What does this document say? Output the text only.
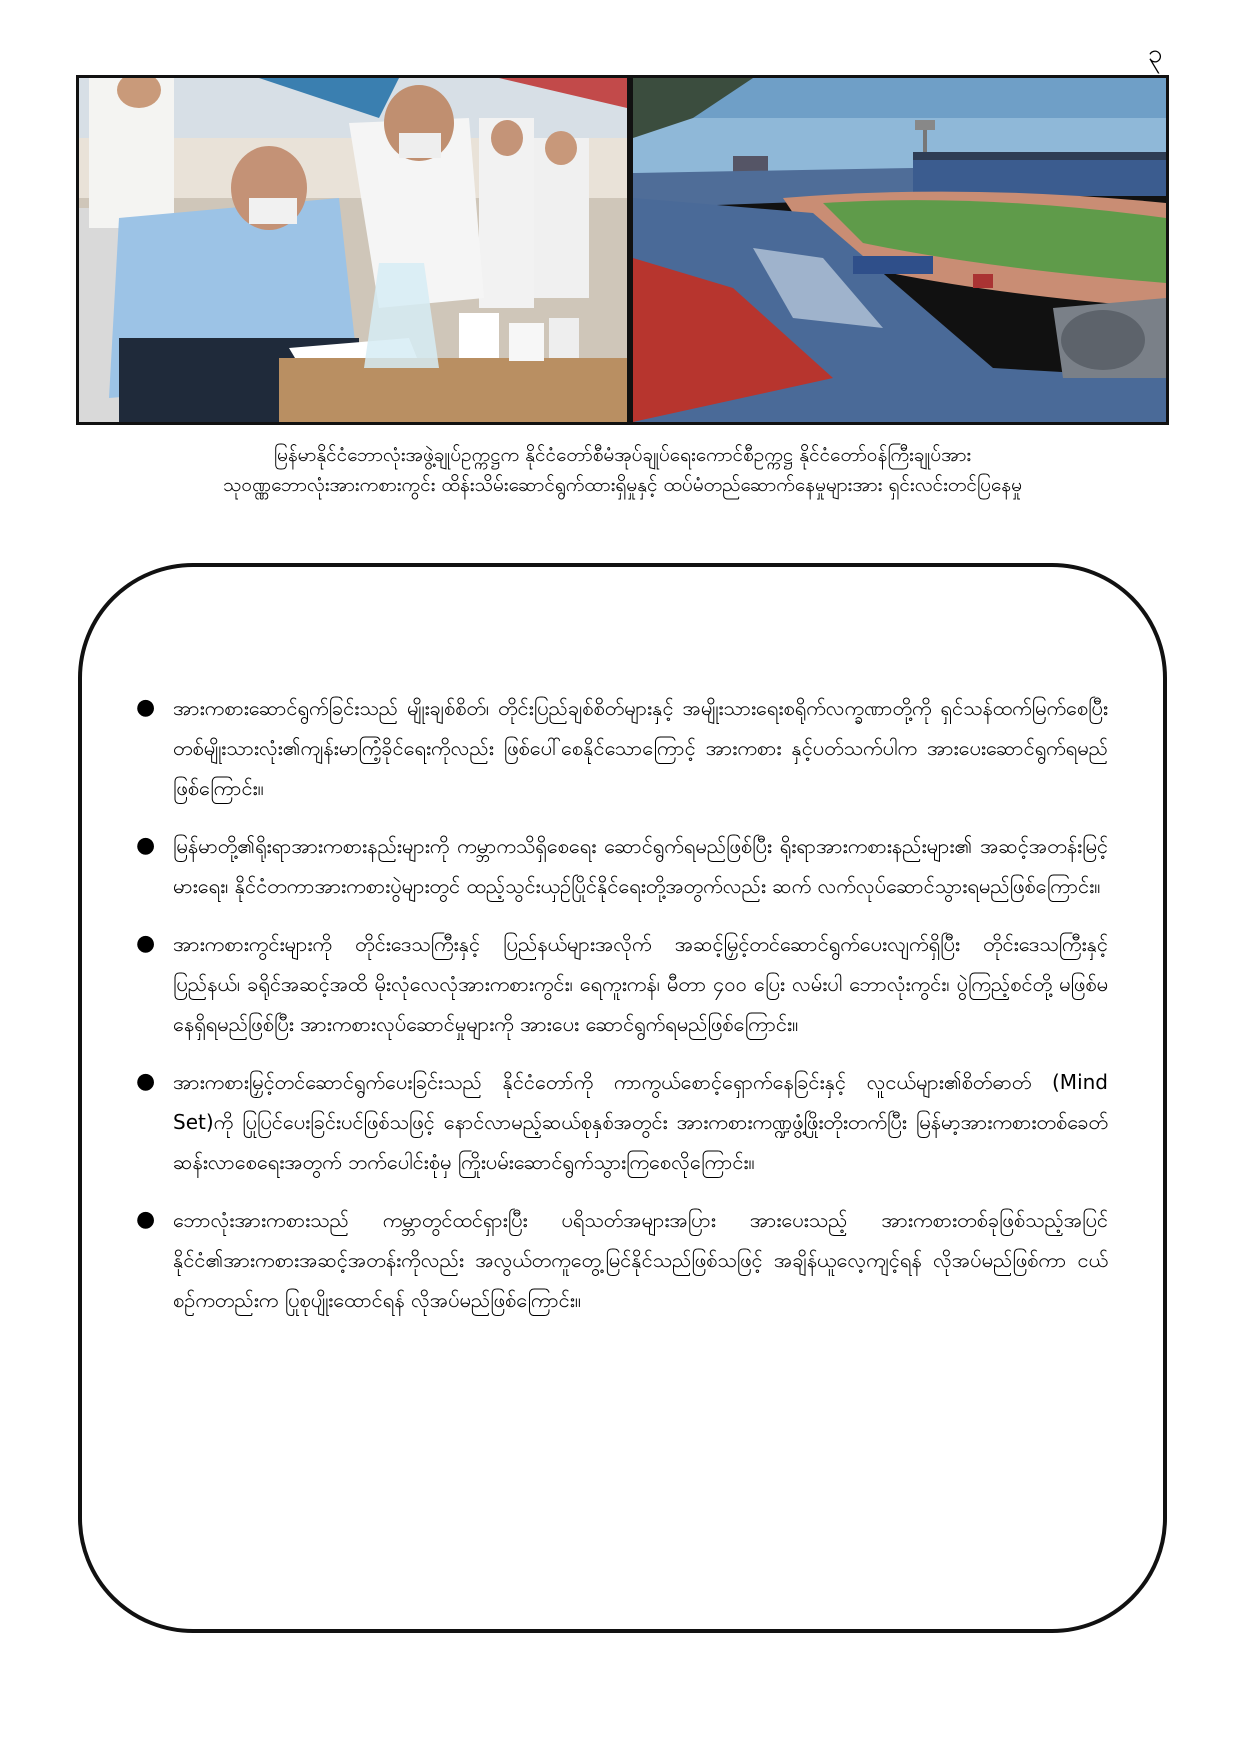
၃
မြန်မာနိုင်ငံဘောလုံးအဖွဲ့ချုပ်ဥက္ကဋ္ဌက နိုင်ငံတော်စီမံအုပ်ချုပ်ရေးကောင်စီဥက္ကဋ္ဌ နိုင်ငံတော်ဝန်ကြီးချုပ်အား
သုဝဏ္ဏဘောလုံးအားကစားကွင်း ထိန်းသိမ်းဆောင်ရွက်ထားရှိမှုနှင့် ထပ်မံတည်ဆောက်နေမှုများအား ရှင်းလင်းတင်ပြနေမှု
● အားကစားဆောင်ရွက်ခြင်းသည် မျိုးချစ်စိတ်၊ တိုင်းပြည်ချစ်စိတ်များနှင့် အမျိုးသားရေးစရိုက်လက္ခဏာတို့ကို ရှင်သန်ထက်မြက်စေပြီး တစ်မျိုးသားလုံး၏ကျန်းမာကြံ့ခိုင်ရေးကိုလည်း ဖြစ်ပေါ်စေနိုင်သောကြောင့် အားကစား နှင့်ပတ်သက်ပါက အားပေးဆောင်ရွက်ရမည်ဖြစ်ကြောင်း။
● မြန်မာတို့၏ရိုးရာအားကစားနည်းများကို ကမ္ဘာကသိရှိစေရေး ဆောင်ရွက်ရမည်ဖြစ်ပြီး ရိုးရာအားကစားနည်းများ၏ အဆင့်အတန်းမြင့်မားရေး၊ နိုင်ငံတကာအားကစားပွဲများတွင် ထည့်သွင်းယှဉ်ပြိုင်နိုင်ရေးတို့အတွက်လည်း ဆက် လက်လုပ်ဆောင်သွားရမည်ဖြစ်ကြောင်း။
● အားကစားကွင်းများကို တိုင်းဒေသကြီးနှင့် ပြည်နယ်များအလိုက် အဆင့်မြှင့်တင်ဆောင်ရွက်ပေးလျက်ရှိပြီး တိုင်းဒေသကြီးနှင့် ပြည်နယ်၊ ခရိုင်အဆင့်အထိ မိုးလုံလေလုံအားကစားကွင်း၊ ရေကူးကန်၊ မီတာ ၄၀၀ ပြေး လမ်းပါ ဘောလုံးကွင်း၊ ပွဲကြည့်စင်တို့ မဖြစ်မနေရှိရမည်ဖြစ်ပြီး အားကစားလုပ်ဆောင်မှုများကို အားပေး ဆောင်ရွက်ရမည်ဖြစ်ကြောင်း။
● အားကစားမြှင့်တင်ဆောင်ရွက်ပေးခြင်းသည် နိုင်ငံတော်ကို ကာကွယ်စောင့်ရှောက်နေခြင်းနှင့် လူငယ်များ၏စိတ်ဓာတ် (Mind Set)ကို ပြုပြင်ပေးခြင်းပင်ဖြစ်သဖြင့် နောင်လာမည့်ဆယ်စုနှစ်အတွင်း အားကစားကဏ္ဍဖွံ့ဖြိုးတိုးတက်ပြီး မြန်မာ့အားကစားတစ်ခေတ်ဆန်းလာစေရေးအတွက် ဘက်ပေါင်းစုံမှ ကြိုးပမ်းဆောင်ရွက်သွားကြစေလိုကြောင်း။
● ဘောလုံးအားကစားသည် ကမ္ဘာတွင်ထင်ရှားပြီး ပရိသတ်အများအပြား အားပေးသည့် အားကစားတစ်ခုဖြစ်သည့်အပြင် နိုင်ငံ၏အားကစားအဆင့်အတန်းကိုလည်း အလွယ်တကူတွေ့မြင်နိုင်သည်ဖြစ်သဖြင့် အချိန်ယူလေ့ကျင့်ရန် လိုအပ်မည်ဖြစ်ကာ ငယ်စဉ်ကတည်းက ပြုစုပျိုးထောင်ရန် လိုအပ်မည်ဖြစ်ကြောင်း။
